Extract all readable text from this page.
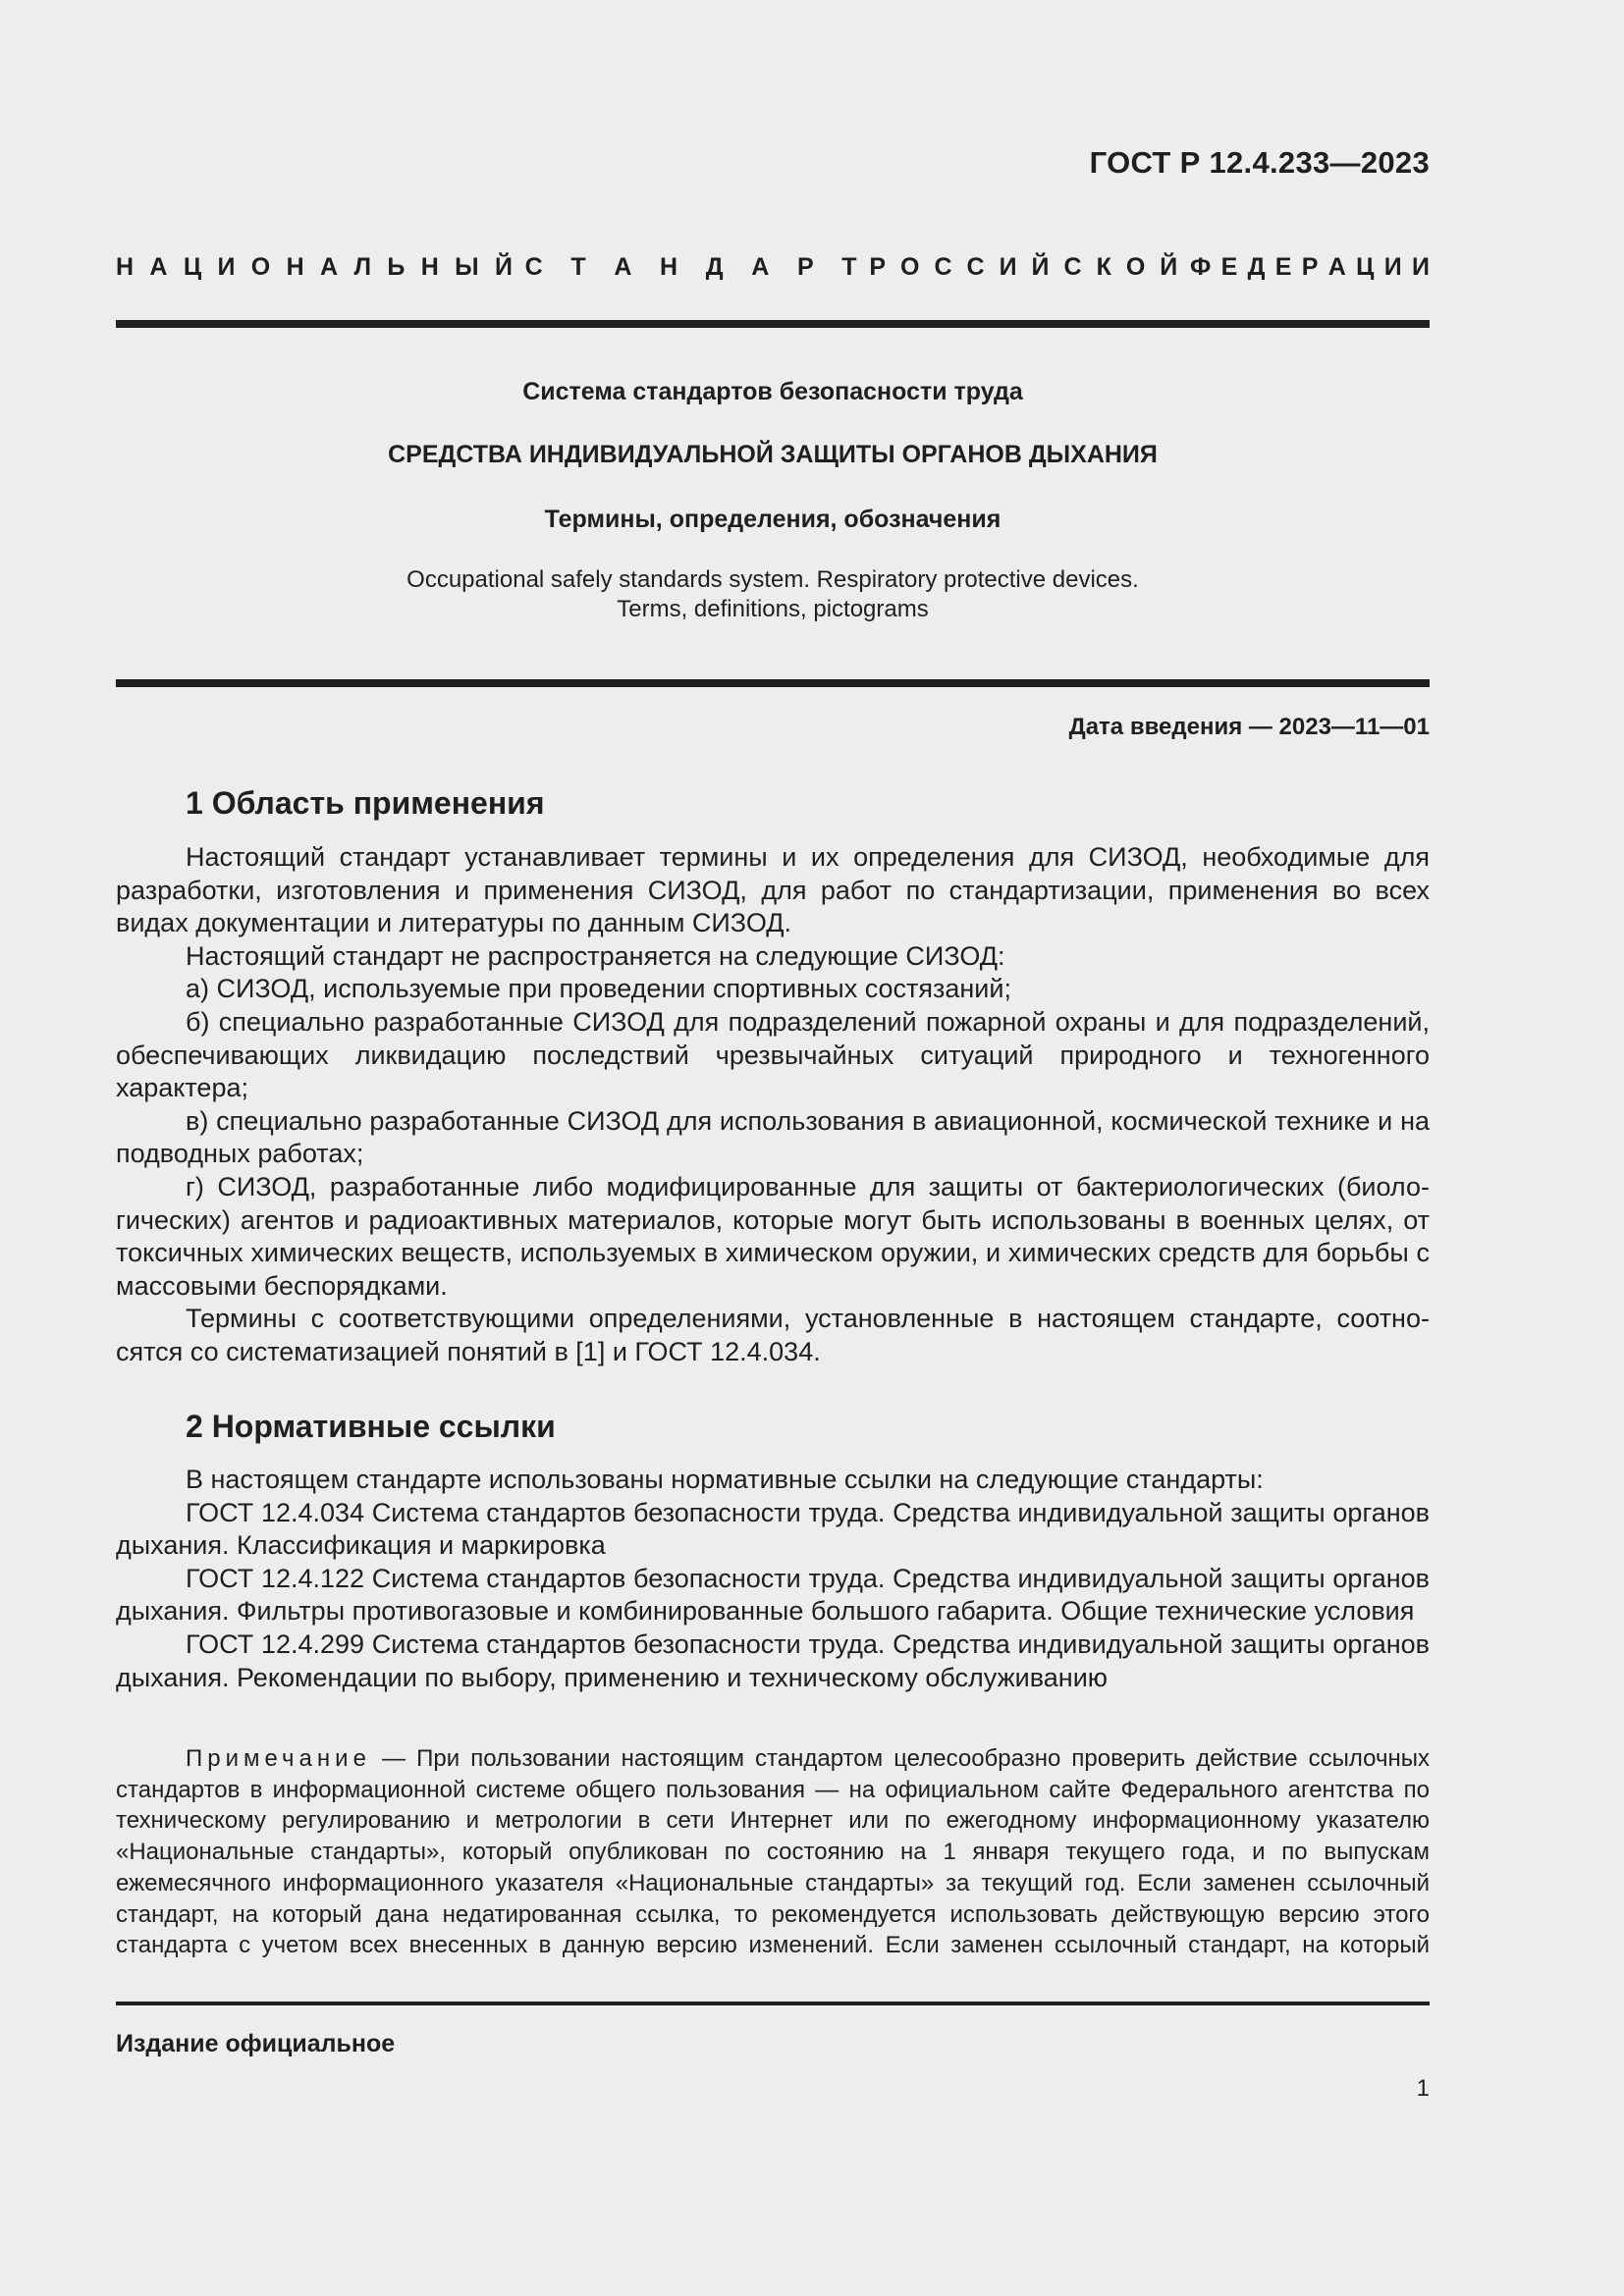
ГОСТ Р 12.4.233—2023
Н А Ц И О Н А Л Ь Н Ы Й С Т А Н Д А Р Т Р О С С И Й С К О Й Ф Е Д Е Р А Ц И И
Система стандартов безопасности труда
СРЕДСТВА ИНДИВИДУАЛЬНОЙ ЗАЩИТЫ ОРГАНОВ ДЫХАНИЯ
Термины, определения, обозначения
Occupational safely standards system. Respiratory protective devices.
Terms, definitions, pictograms
Дата введения — 2023—11—01
1 Область применения

Настоящий стандарт устанавливает термины и их определения для СИЗОД, необходимые для разработки, изготовления и применения СИЗОД, для работ по стандартизации, применения во всех видах документации и литературы по данным СИЗОД.

Настоящий стандарт не распространяется на следующие СИЗОД:

а) СИЗОД, используемые при проведении спортивных состязаний;

б) специально разработанные СИЗОД для подразделений пожарной охраны и для подразделений, обеспечивающих ликвидацию последствий чрезвычайных ситуаций природного и техногенного характера;

в) специально разработанные СИЗОД для использования в авиационной, космической технике и на подводных работах;

г) СИЗОД, разработанные либо модифицированные для защиты от бактериологических (биологических) агентов и радиоактивных материалов, которые могут быть использованы в военных целях, от токсичных химических веществ, используемых в химическом оружии, и химических средств для борьбы с массовыми беспорядками.

Термины с соответствующими определениями, установленные в настоящем стандарте, соотносятся со систематизацией понятий в [1] и ГОСТ 12.4.034.

2 Нормативные ссылки

В настоящем стандарте использованы нормативные ссылки на следующие стандарты:

ГОСТ 12.4.034 Система стандартов безопасности труда. Средства индивидуальной защиты органов дыхания. Классификация и маркировка

ГОСТ 12.4.122 Система стандартов безопасности труда. Средства индивидуальной защиты органов дыхания. Фильтры противогазовые и комбинированные большого габарита. Общие технические условия

ГОСТ 12.4.299 Система стандартов безопасности труда. Средства индивидуальной защиты органов дыхания. Рекомендации по выбору, применению и техническому обслуживанию

Примечание — При пользовании настоящим стандартом целесообразно проверить действие ссылочных стандартов в информационной системе общего пользования — на официальном сайте Федерального агентства по техническому регулированию и метрологии в сети Интернет или по ежегодному информационному указателю «Национальные стандарты», который опубликован по состоянию на 1 января текущего года, и по выпускам ежемесячного информационного указателя «Национальные стандарты» за текущий год. Если заменен ссылочный стандарт, на который дана недатированная ссылка, то рекомендуется использовать действующую версию этого стандарта с учетом всех внесенных в данную версию изменений. Если заменен ссылочный стандарт, на который

Издание официальное
1
